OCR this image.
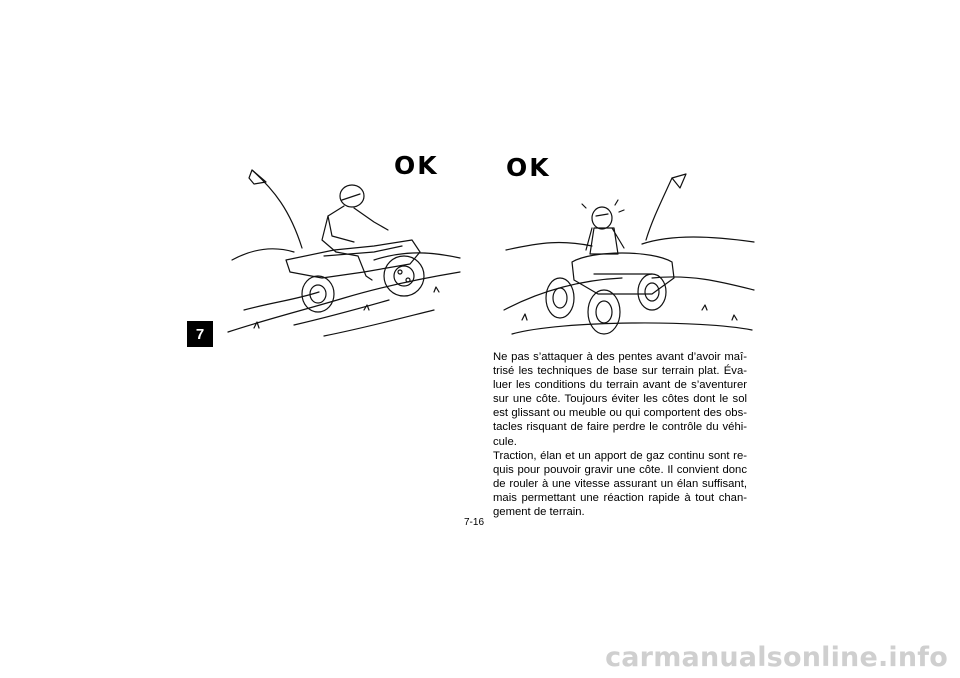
OK	OK
7

Ne pas s’attaquer à des pentes avant d’avoir maî-trisé les techniques de base sur terrain plat. Éva-luer les conditions du terrain avant de s’aventurer sur une côte. Toujours éviter les côtes dont le sol est glissant ou meuble ou qui comportent des obs-tacles risquant de faire perdre le contrôle du véhi-cule.

Traction, élan et un apport de gaz continu sont re-quis pour pouvoir gravir une côte. Il convient donc de rouler à une vitesse assurant un élan suffisant, mais permettant une réaction rapide à tout chan-gement de terrain.

7-16
carmanualsonline.info
